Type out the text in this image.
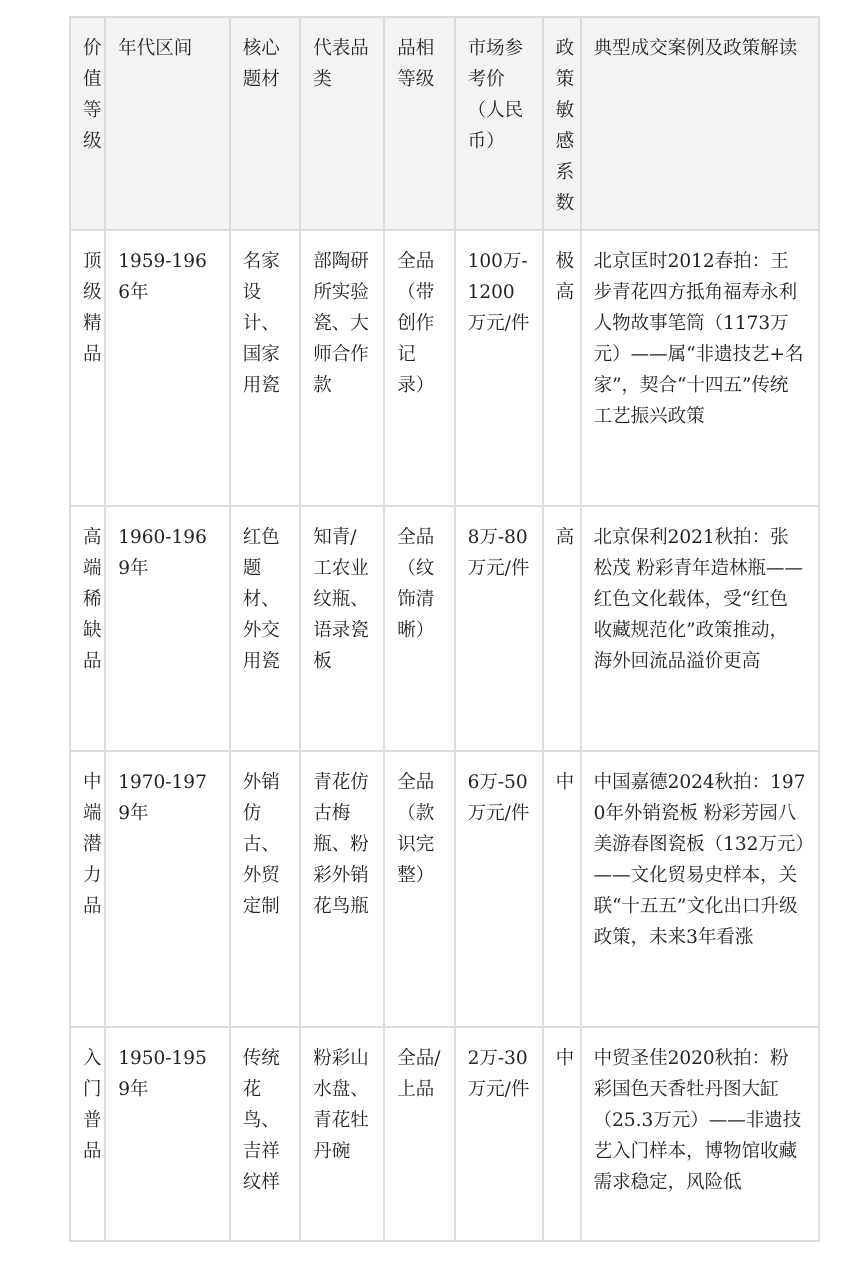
价值等级	年代区间	核心题材	代表品类	品相等级	市场参考价（人民币）	政策敏感系数	典型成交案例及政策解读
顶级精品	1959-1966年	名家设计、国家用瓷	部陶研所实验瓷、大师合作款	全品（带创作记录）	100万-1200万元/件	极高	北京匡时2012春拍：王步青花四方抵角福寿永利人物故事笔筒（1173万元）——属“非遗技艺+名家”，契合“十四五”传统工艺振兴政策
高端稀缺品	1960-1969年	红色题材、外交用瓷	知青/工农业纹瓶、语录瓷板	全品（纹饰清晰）	8万-80万元/件	高	北京保利2021秋拍：张松茂 粉彩青年造林瓶——红色文化载体，受“红色收藏规范化”政策推动，海外回流品溢价更高
中端潜力品	1970-1979年	外销仿古、外贸定制	青花仿古梅瓶、粉彩外销花鸟瓶	全品（款识完整）	6万-50万元/件	中	中国嘉德2024秋拍：1970年外销瓷板 粉彩芳园八美游春图瓷板（132万元）——文化贸易史样本，关联“十五五”文化出口升级政策，未来3年看涨
入门普品	1950-1959年	传统花鸟、吉祥纹样	粉彩山水盘、青花牡丹碗	全品/上品	2万-30万元/件	中	中贸圣佳2020秋拍：粉彩国色天香牡丹图大缸（25.3万元）——非遗技艺入门样本，博物馆收藏需求稳定，风险低
